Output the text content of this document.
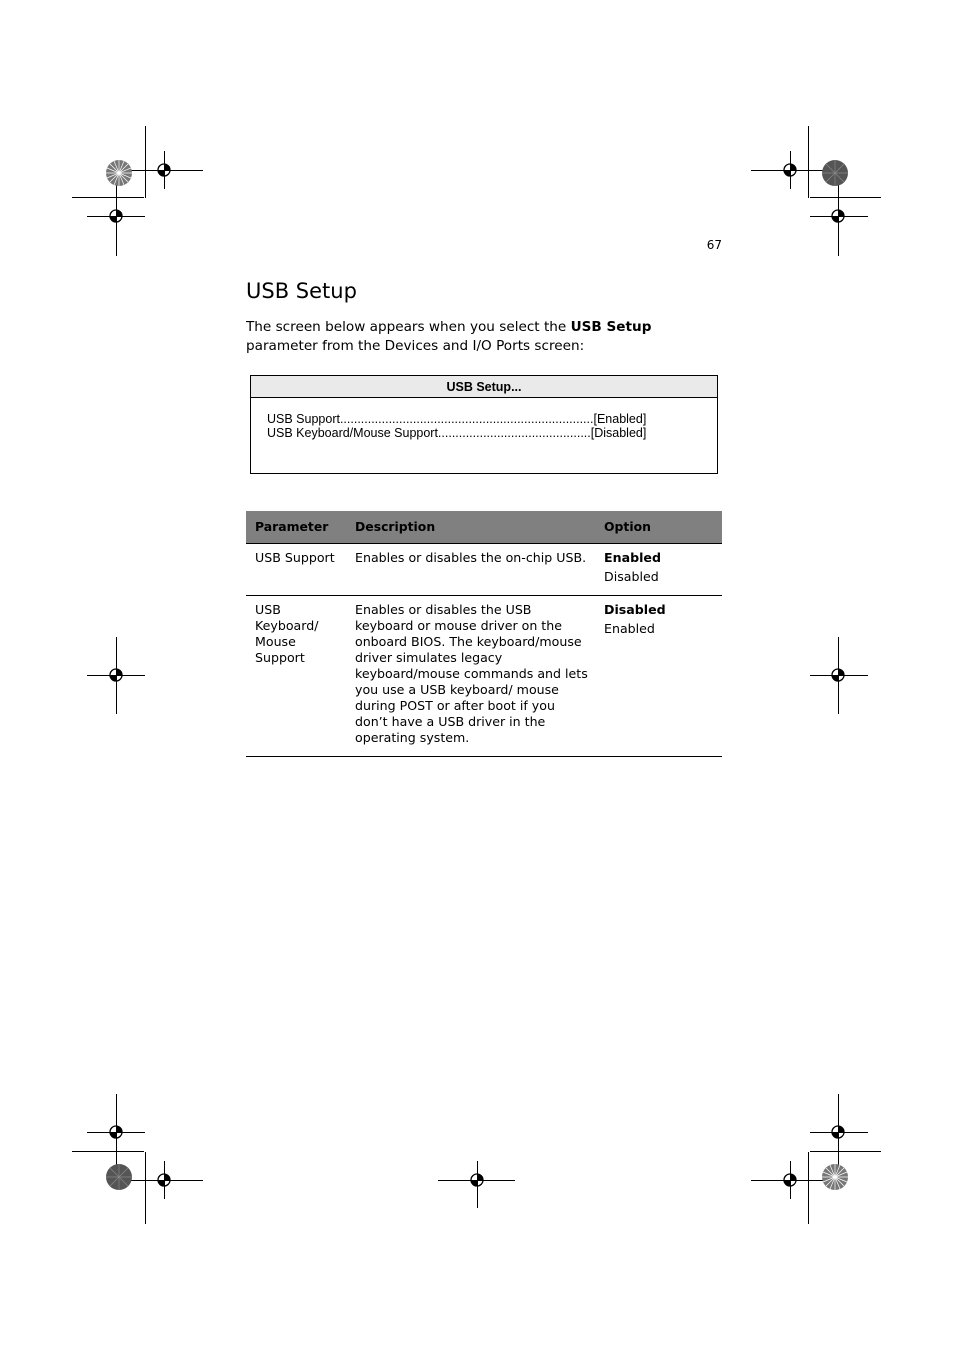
67
USB Setup

The screen below appears when you select the USB Setup parameter from the Devices and I/O Ports screen:

USB Setup...
USB Support.........................................................................[Enabled]
USB Keyboard/Mouse Support............................................[Disabled]
Parameter	Description	Option
USB Support	Enables or disables the on-chip USB.	Enabled
Disabled

USB Keyboard/ Mouse Support	Enables or disables the USB keyboard or mouse driver on the onboard BIOS. The keyboard/mouse driver simulates legacy keyboard/mouse commands and lets you use a USB keyboard/ mouse during POST or after boot if you don’t have a USB driver in the operating system.	Disabled
Enabled
